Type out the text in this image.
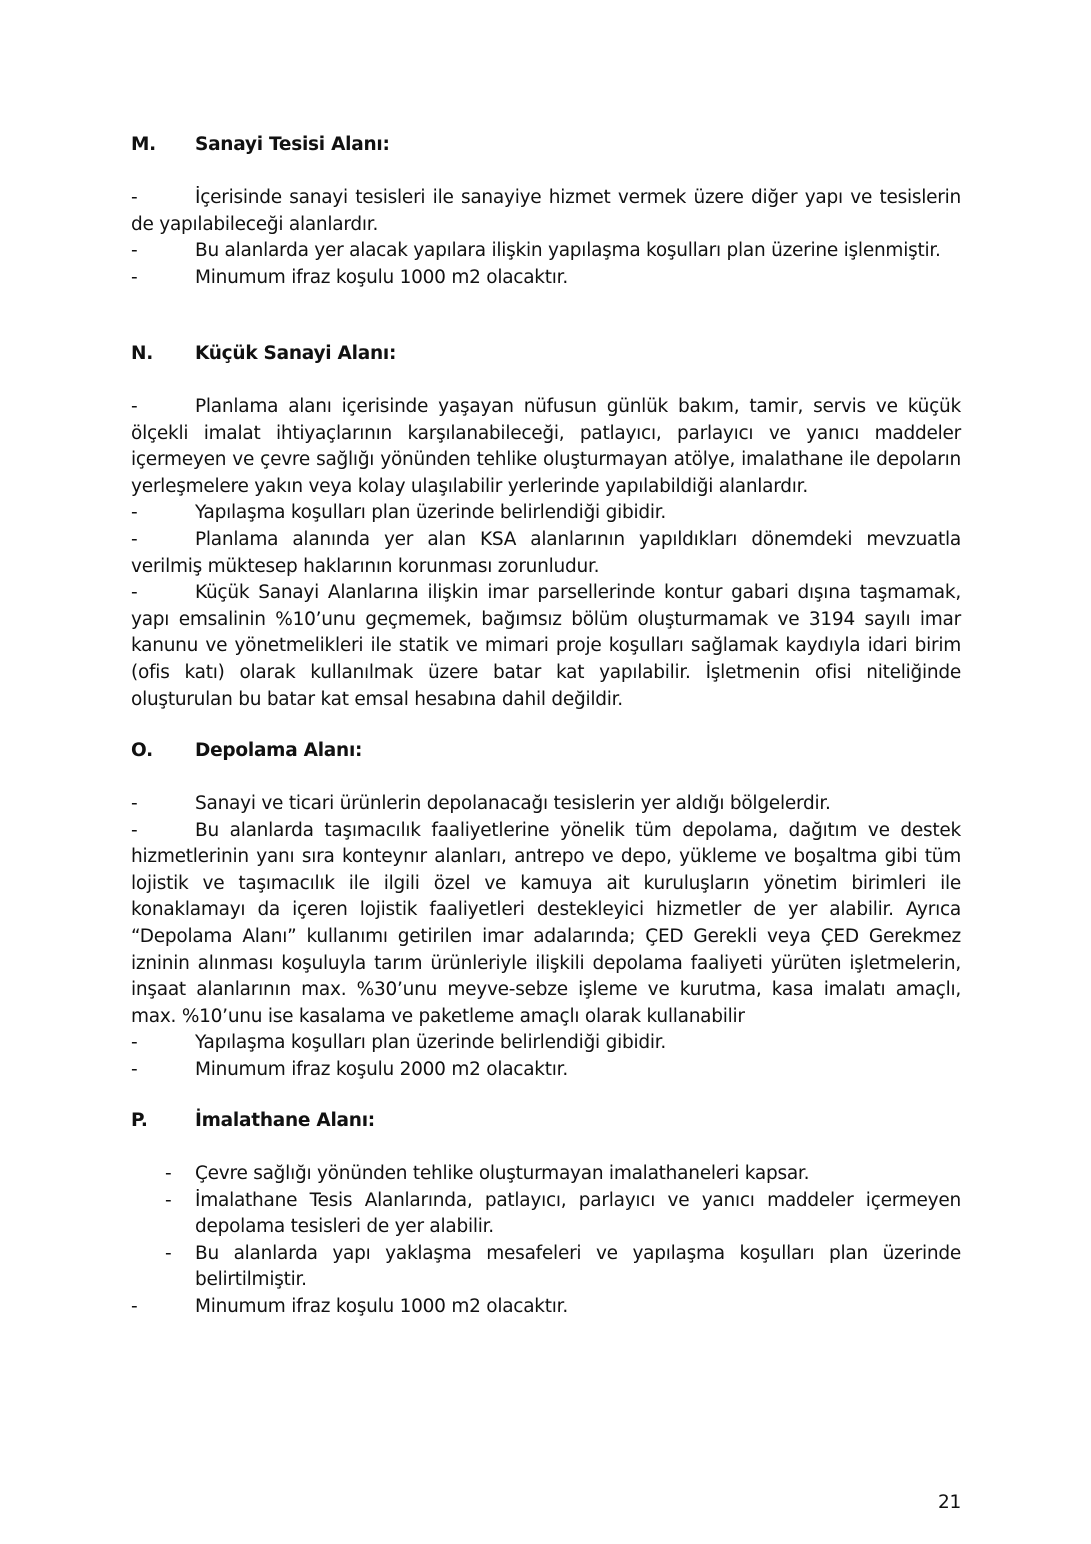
M. Sanayi Tesisi Alanı:
-	İçerisinde sanayi tesisleri ile sanayiye hizmet vermek üzere diğer yapı ve tesislerin de yapılabileceği alanlardır.
-	Bu alanlarda yer alacak yapılara ilişkin yapılaşma koşulları plan üzerine işlenmiştir.
-	Minumum ifraz koşulu 1000 m2 olacaktır.
N. Küçük Sanayi Alanı:
-	Planlama alanı içerisinde yaşayan nüfusun günlük bakım, tamir, servis ve küçük ölçekli imalat ihtiyaçlarının karşılanabileceği, patlayıcı, parlayıcı ve yanıcı maddeler içermeyen ve çevre sağlığı yönünden tehlike oluşturmayan atölye, imalathane ile depoların yerleşmelere yakın veya kolay ulaşılabilir yerlerinde yapılabildiği alanlardır.
-	Yapılaşma koşulları plan üzerinde belirlendiği gibidir.
-	Planlama alanında yer alan KSA alanlarının yapıldıkları dönemdeki mevzuatla verilmiş müktesep haklarının korunması zorunludur.
-	Küçük Sanayi Alanlarına ilişkin imar parsellerinde kontur gabari dışına taşmamak, yapı emsalinin %10’unu geçmemek, bağımsız bölüm oluşturmamak ve 3194 sayılı imar kanunu ve yönetmelikleri ile statik ve mimari proje koşulları sağlamak kaydıyla idari birim (ofis katı) olarak kullanılmak üzere batar kat yapılabilir. İşletmenin ofisi niteliğinde oluşturulan bu batar kat emsal hesabına dahil değildir.
O. Depolama Alanı:
-	Sanayi ve ticari ürünlerin depolanacağı tesislerin yer aldığı bölgelerdir.
-	Bu alanlarda taşımacılık faaliyetlerine yönelik tüm depolama, dağıtım ve destek hizmetlerinin yanı sıra konteynır alanları, antrepo ve depo, yükleme ve boşaltma gibi tüm lojistik ve taşımacılık ile ilgili özel ve kamuya ait kuruluşların yönetim birimleri ile konaklamayı da içeren lojistik faaliyetleri destekleyici hizmetler de yer alabilir. Ayrıca “Depolama Alanı” kullanımı getirilen imar adalarında; ÇED Gerekli veya ÇED Gerekmez izninin alınması koşuluyla tarım ürünleriyle ilişkili depolama faaliyeti yürüten işletmelerin, inşaat alanlarının max. %30’unu meyve-sebze işleme ve kurutma, kasa imalatı amaçlı, max. %10’unu ise kasalama ve paketleme amaçlı olarak kullanabilir
-	Yapılaşma koşulları plan üzerinde belirlendiği gibidir.
-	Minumum ifraz koşulu 2000 m2 olacaktır.
P.	İmalathane Alanı:
- Çevre sağlığı yönünden tehlike oluşturmayan imalathaneleri kapsar.
- İmalathane Tesis Alanlarında, patlayıcı, parlayıcı ve yanıcı maddeler içermeyen depolama tesisleri de yer alabilir.
- Bu alanlarda yapı yaklaşma mesafeleri ve yapılaşma koşulları plan üzerinde belirtilmiştir.
-	Minumum ifraz koşulu 1000 m2 olacaktır.
21
